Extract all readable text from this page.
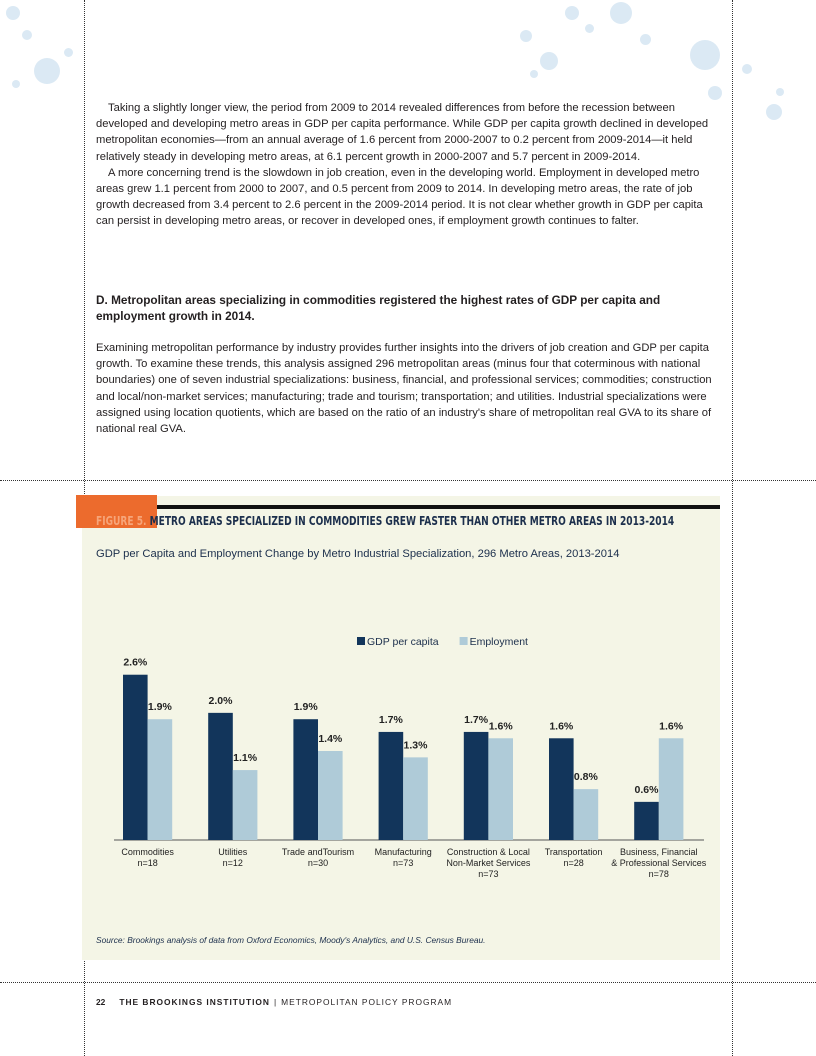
Taking a slightly longer view, the period from 2009 to 2014 revealed differences from before the recession between developed and developing metro areas in GDP per capita performance. While GDP per capita growth declined in developed metropolitan economies—from an annual average of 1.6 percent from 2000-2007 to 0.2 percent from 2009-2014—it held relatively steady in developing metro areas, at 6.1 percent growth in 2000-2007 and 5.7 percent in 2009-2014.

A more concerning trend is the slowdown in job creation, even in the developing world. Employment in developed metro areas grew 1.1 percent from 2000 to 2007, and 0.5 percent from 2009 to 2014. In developing metro areas, the rate of job growth decreased from 3.4 percent to 2.6 percent in the 2009-2014 period. It is not clear whether growth in GDP per capita can persist in developing metro areas, or recover in developed ones, if employment growth continues to falter.

D. Metropolitan areas specializing in commodities registered the highest rates of GDP per capita and employment growth in 2014.

Examining metropolitan performance by industry provides further insights into the drivers of job creation and GDP per capita growth. To examine these trends, this analysis assigned 296 metropolitan areas (minus four that coterminous with national boundaries) one of seven industrial specializations: business, financial, and professional services; commodities; construction and local/non-market services; manufacturing; trade and tourism; transportation; and utilities. Industrial specializations were assigned using location quotients, which are based on the ratio of an industry's share of metropolitan real GVA to its share of national real GVA.

FIGURE 5. METRO AREAS SPECIALIZED IN COMMODITIES GREW FASTER THAN OTHER METRO AREAS IN 2013-2014
GDP per Capita and Employment Change by Metro Industrial Specialization, 296 Metro Areas, 2013-2014
GDP per capita	Employment
2.6%
1.9%
Commodities
n=18
2.0%
1.1%
Utilities
n=12
1.9%
1.4%
Trade andTourism
n=30
1.7%
1.3%
Manufacturing
n=73
1.7%
1.6%
Construction & Local
Non-Market Services
n=73
1.6%
0.8%
Transportation
n=28
0.6%
1.6%
Business, Financial
& Professional Services
n=78
Source: Brookings analysis of data from Oxford Economics, Moody's Analytics, and U.S. Census Bureau.
22 THE BROOKINGS INSTITUTION | METROPOLITAN POLICY PROGRAM
